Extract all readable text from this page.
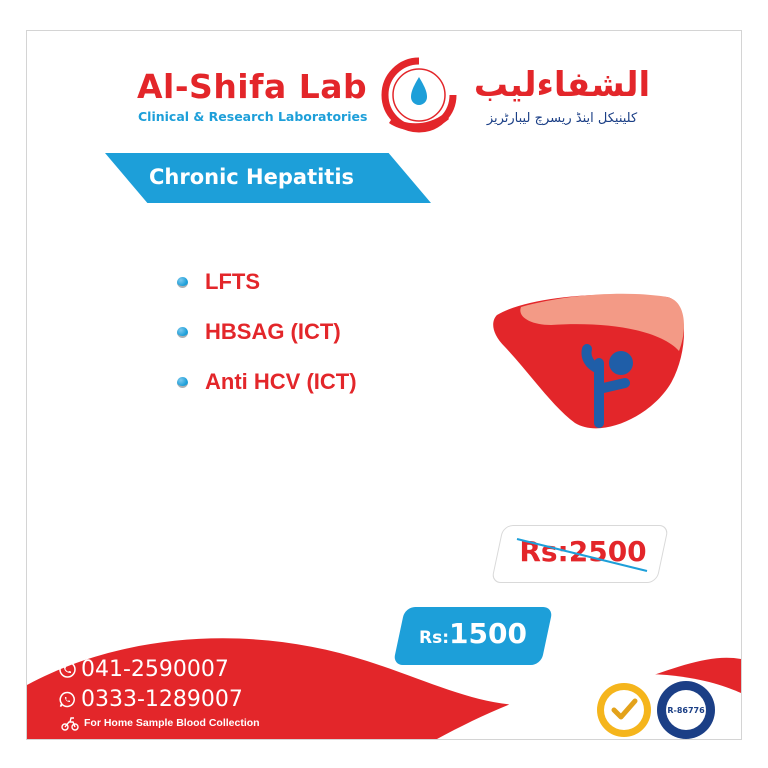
Al-Shifa Lab
Clinical & Research Laboratories
الشفاءلیب
کلینیکل اینڈ ریسرچ لیبارٹریز
Chronic Hepatitis
LFTS
HBSAG (ICT)
Anti HCV (ICT)
Rs:2500
Rs:1500
041-2590007
0333-1289007
For Home Sample Blood Collection
R-86776
